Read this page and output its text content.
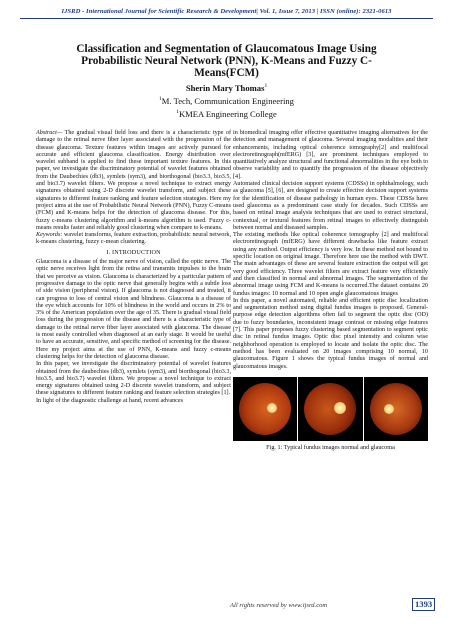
IJSRD - International Journal for Scientific Research & Development| Vol. 1, Issue 7, 2013 | ISSN (online): 2321-0613
Classification and Segmentation of Glaucomatous Image Using Probabilistic Neural Network (PNN), K-Means and Fuzzy C-Means(FCM)
Sherin Mary Thomas$^1$
$^1$M. Tech, Communication Engineering
$^1$KMEA Engineering College

Abstract— The gradual visual field loss and there is a characteristic type of damage to the retinal nerve fiber layer associated with the progression of the disease glaucoma. Texture features within images are actively pursued for accurate and efficient glaucoma classification. Energy distribution over wavelet subband is applied to find these important texture features. In this paper, we investigate the discriminatory potential of wavelet features obtained from the Daubechies (db3), symlets (sym3), and biorthogonal (bio3.3, bio3.5, and bio3.7) wavelet filters. We propose a novel technique to extract energy signatures obtained using 2-D discrete wavelet transform, and subject these signatures to different feature ranking and feature selection strategies. Here my project aims at the use of Probabilistic Neural Network (PNN), Fuzzy C-means (FCM) and K-means helps for the detection of glaucoma disease. For this, fuzzy c-means clustering algorithm and k-means algorithm is used. Fuzzy c-means results faster and reliably good clustering when compare to k-means.

Keywords: wavelet transforms, feature extraction, probabilistic neural network, k-means clustering, fuzzy c-mean clustering.

I. INTRODUCTION

Glaucoma is a disease of the major nerve of vision, called the optic nerve. The optic nerve receives light from the retina and transmits impulses to the brain that we perceive as vision. Glaucoma is characterized by a particular pattern of progressive damage to the optic nerve that generally begins with a subtle loss of side vision (peripheral vision). If glaucoma is not diagnosed and treated, it can progress to loss of central vision and blindness. Glaucoma is a disease of the eye which accounts for 10% of blindness in the world and occurs in 2% to 3% of the American population over the age of 35. There is gradual visual field loss during the progression of the disease and there is a characteristic type of damage to the retinal nerve fiber layer associated with glaucoma. The disease is most easily controlled when diagnosed at an early stage. It would be useful to have an accurate, sensitive, and specific method of screening for the disease. Here my project aims at the use of PNN, K-means and fuzzy c-means clustering helps for the detection of glaucoma disease.

In this paper, we investigate the discriminatory potential of wavelet features obtained from the daubechies (db3), symlets (sym3), and biorthogonal (bio3.3, bio3.5, and bio3.7) wavelet filters. We propose a novel technique to extract energy signatures obtained using 2-D discrete wavelet transform, and subject these signatures to different feature ranking and feature selection strategies [1].

In light of the diagnostic challenge at hand, recent advances

in biomedical imaging offer effective quantitative imaging alternatives for the detection and management of glaucoma. Several imaging modalities and their enhancements, including optical coherence tomography[2] and multifocal electroretinograph(mfERG) [3], are prominent techniques employed to quantitatively analyze structural and functional abnormalities in the eye both to observe variability and to quantify the progression of the disease objectively [4].

Automated clinical decision support systems (CDSSs) in ophthalmology, such as glaucoma [5], [6], are designed to create effective decision support systems for the identification of disease pathology in human eyes. These CDSSs have used glaucoma as a predominant case study for decades. Such CDSSs are based on retinal image analysis techniques that are used to extract structural, contextual, or textural features from retinal images to effectively distinguish between normal and diseased samples.

The existing methods like optical coherence tomography [2] and multifocal electroretinograph (mfERG) have different drawbacks like feature extract using any method. Output efficiency is very low. In these method not bound to specific location on original image. Therefore here use the method with DWT. The main advantages of these are several feature extraction the output will get very good efficiency. Three wavelet filters are extract feature very efficiently and then classified in normal and abnormal images. The segmentation of the abnormal image using FCM and K-means is occurred.The dataset contains 20 fundus images: 10 normal and 10 open angle glaucomatous images

In this paper, a novel automated, reliable and efficient optic disc localization and segmentation method using digital fundus images is proposed. General-purpose edge detection algorithms often fail to segment the optic disc (OD) due to fuzzy boundaries, inconsistent image contrast or missing edge features [7]. This paper proposes fuzzy clustering based segmentation to segment optic disc in retinal fundus images. Optic disc pixel intensity and column wise neighborhood operation is employed to locate and isolate the optic disc. The method has been evaluated on 20 images comprising 10 normal, 10 glaucomatous. Figure 1 shows the typical fundus images of normal and glaucomatous images.

Fig. 1: Typical fundus images normal and glaucoma
All rights reserved by www.ijsrd.com	1393
